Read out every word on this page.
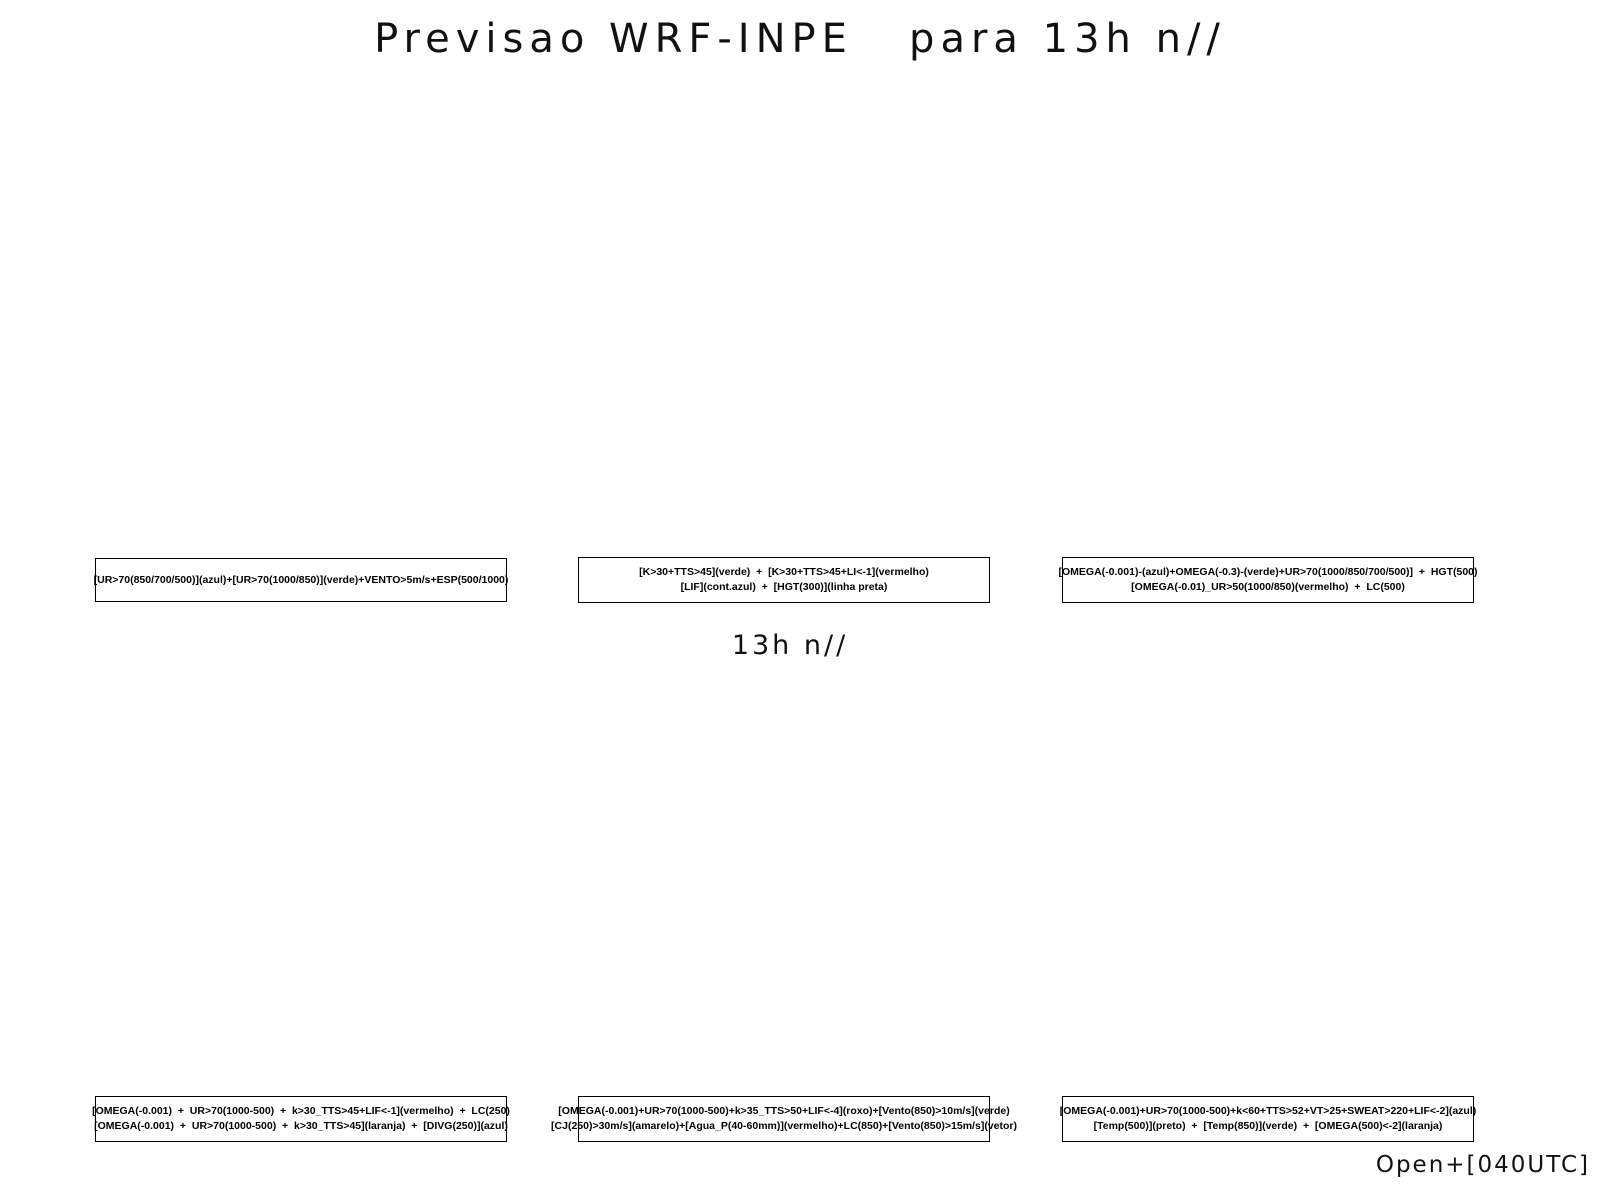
Previsao WRF-INPE   para 13h n//
[UR>70(850/700/500)](azul)+[UR>70(1000/850)](verde)+VENTO>5m/s+ESP(500/1000)
[K>30+TTS>45](verde)  +  [K>30+TTS>45+LI<-1](vermelho)
[LIF](cont.azul)  +  [HGT(300)](linha preta)
[OMEGA(-0.001)-(azul)+OMEGA(-0.3)-(verde)+UR>70(1000/850/700/500)]  +  HGT(500)
[OMEGA(-0.01)_UR>50(1000/850)(vermelho)  +  LC(500)
13h n//
[OMEGA(-0.001)  +  UR>70(1000-500)  +  k>30_TTS>45+LIF<-1](vermelho)  +  LC(250)
[OMEGA(-0.001)  +  UR>70(1000-500)  +  k>30_TTS>45](laranja)  +  [DIVG(250)](azul)
[OMEGA(-0.001)+UR>70(1000-500)+k>35_TTS>50+LIF<-4](roxo)+[Vento(850)>10m/s](verde)
[CJ(250)>30m/s](amarelo)+[Agua_P(40-60mm)](vermelho)+LC(850)+[Vento(850)>15m/s](vetor)
[OMEGA(-0.001)+UR>70(1000-500)+k<60+TTS>52+VT>25+SWEAT>220+LIF<-2](azul)
[Temp(500)](preto)  +  [Temp(850)](verde)  +  [OMEGA(500)<-2](laranja)
Open+[040UTC]
